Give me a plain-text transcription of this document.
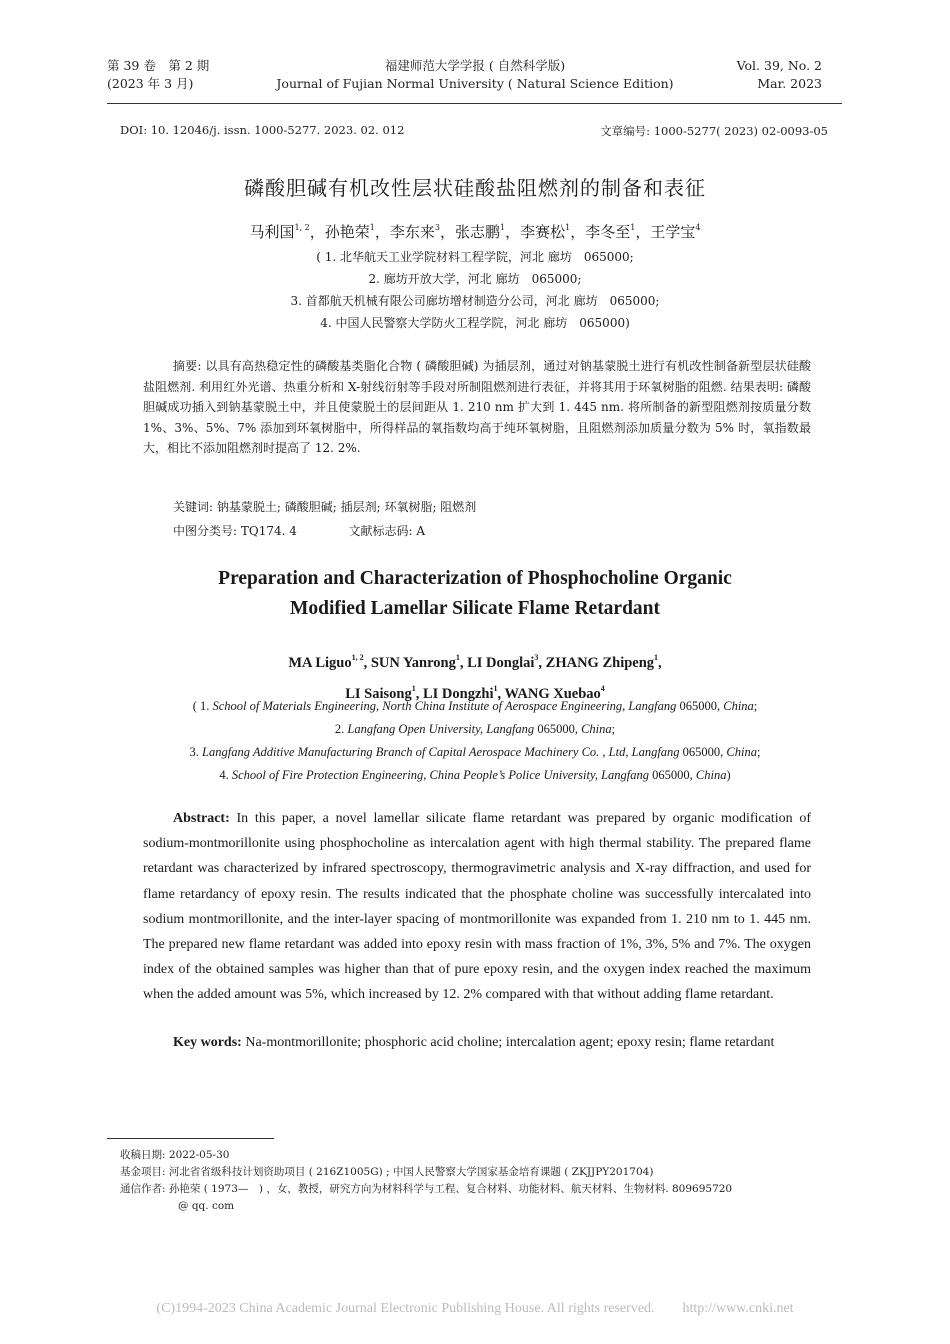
第 39 卷　第 2 期
(2023 年 3 月)
福建师范大学学报 ( 自然科学版)
Journal of Fujian Normal University ( Natural Science Edition)
Vol. 39, No. 2
Mar. 2023
DOI: 10. 12046/j. issn. 1000-5277. 2023. 02. 012	文章编号: 1000-5277( 2023) 02-0093-05
磷酸胆碱有机改性层状硅酸盐阻燃剂的制备和表征
马利国$^{1, 2}$，孙艳荣$^1$，李东来$^3$，张志鹏$^1$，李赛松$^1$，李冬至$^1$，王学宝$^4$
( 1. 北华航天工业学院材料工程学院，河北 廊坊　065000;
2. 廊坊开放大学，河北 廊坊　065000;
3. 首都航天机械有限公司廊坊增材制造分公司，河北 廊坊　065000;
4. 中国人民警察大学防火工程学院，河北 廊坊　065000)
摘要: 以具有高热稳定性的磷酸基类脂化合物 ( 磷酸胆碱) 为插层剂，通过对钠基蒙脱土进行有机改性制备新型层状硅酸盐阻燃剂. 利用红外光谱、热重分析和 X-射线衍射等手段对所制阻燃剂进行表征，并将其用于环氧树脂的阻燃. 结果表明: 磷酸胆碱成功插入到钠基蒙脱土中，并且使蒙脱土的层间距从 1. 210 nm 扩大到 1. 445 nm. 将所制备的新型阻燃剂按质量分数 1%、3%、5%、7% 添加到环氧树脂中，所得样品的氧指数均高于纯环氧树脂，且阻燃剂添加质量分数为 5% 时，氧指数最大，相比不添加阻燃剂时提高了 12. 2%.
关键词: 钠基蒙脱土; 磷酸胆碱; 插层剂; 环氧树脂; 阻燃剂
中图分类号: TQ174. 4	文献标志码: A
Preparation and Characterization of Phosphocholine Organic
Modified Lamellar Silicate Flame Retardant
MA Liguo$^{1, 2}$, SUN Yanrong$^1$, LI Donglai$^3$, ZHANG Zhipeng$^1$,
LI Saisong$^1$, LI Dongzhi$^1$, WANG Xuebao$^4$
( 1. School of Materials Engineering, North China Institute of Aerospace Engineering, Langfang 065000, China;
2. Langfang Open University, Langfang 065000, China;
3. Langfang Additive Manufacturing Branch of Capital Aerospace Machinery Co. , Ltd, Langfang 065000, China;
4. School of Fire Protection Engineering, China People’s Police University, Langfang 065000, China)
Abstract: In this paper, a novel lamellar silicate flame retardant was prepared by organic modification of sodium-montmorillonite using phosphocholine as intercalation agent with high thermal stability. The prepared flame retardant was characterized by infrared spectroscopy, thermogravimetric analysis and X-ray diffraction, and used for flame retardancy of epoxy resin. The results indicated that the phosphate choline was successfully intercalated into sodium montmorillonite, and the inter-layer spacing of montmorillonite was expanded from 1. 210 nm to 1. 445 nm. The prepared new flame retardant was added into epoxy resin with mass fraction of 1%, 3%, 5% and 7%. The oxygen index of the obtained samples was higher than that of pure epoxy resin, and the oxygen index reached the maximum when the added amount was 5%, which increased by 12. 2% compared with that without adding flame retardant.
Key words: Na-montmorillonite; phosphoric acid choline; intercalation agent; epoxy resin; flame retardant
收稿日期: 2022-05-30
基金项目: 河北省省级科技计划资助项目 ( 216Z1005G) ; 中国人民警察大学国家基金培育课题 ( ZKJJPY201704)
通信作者: 孙艳荣 ( 1973—　) ，女，教授，研究方向为材料科学与工程、复合材料、功能材料、航天材料、生物材料. 809695720
@ qq. com
(C)1994-2023 China Academic Journal Electronic Publishing House. All rights reserved.　　http://www.cnki.net
